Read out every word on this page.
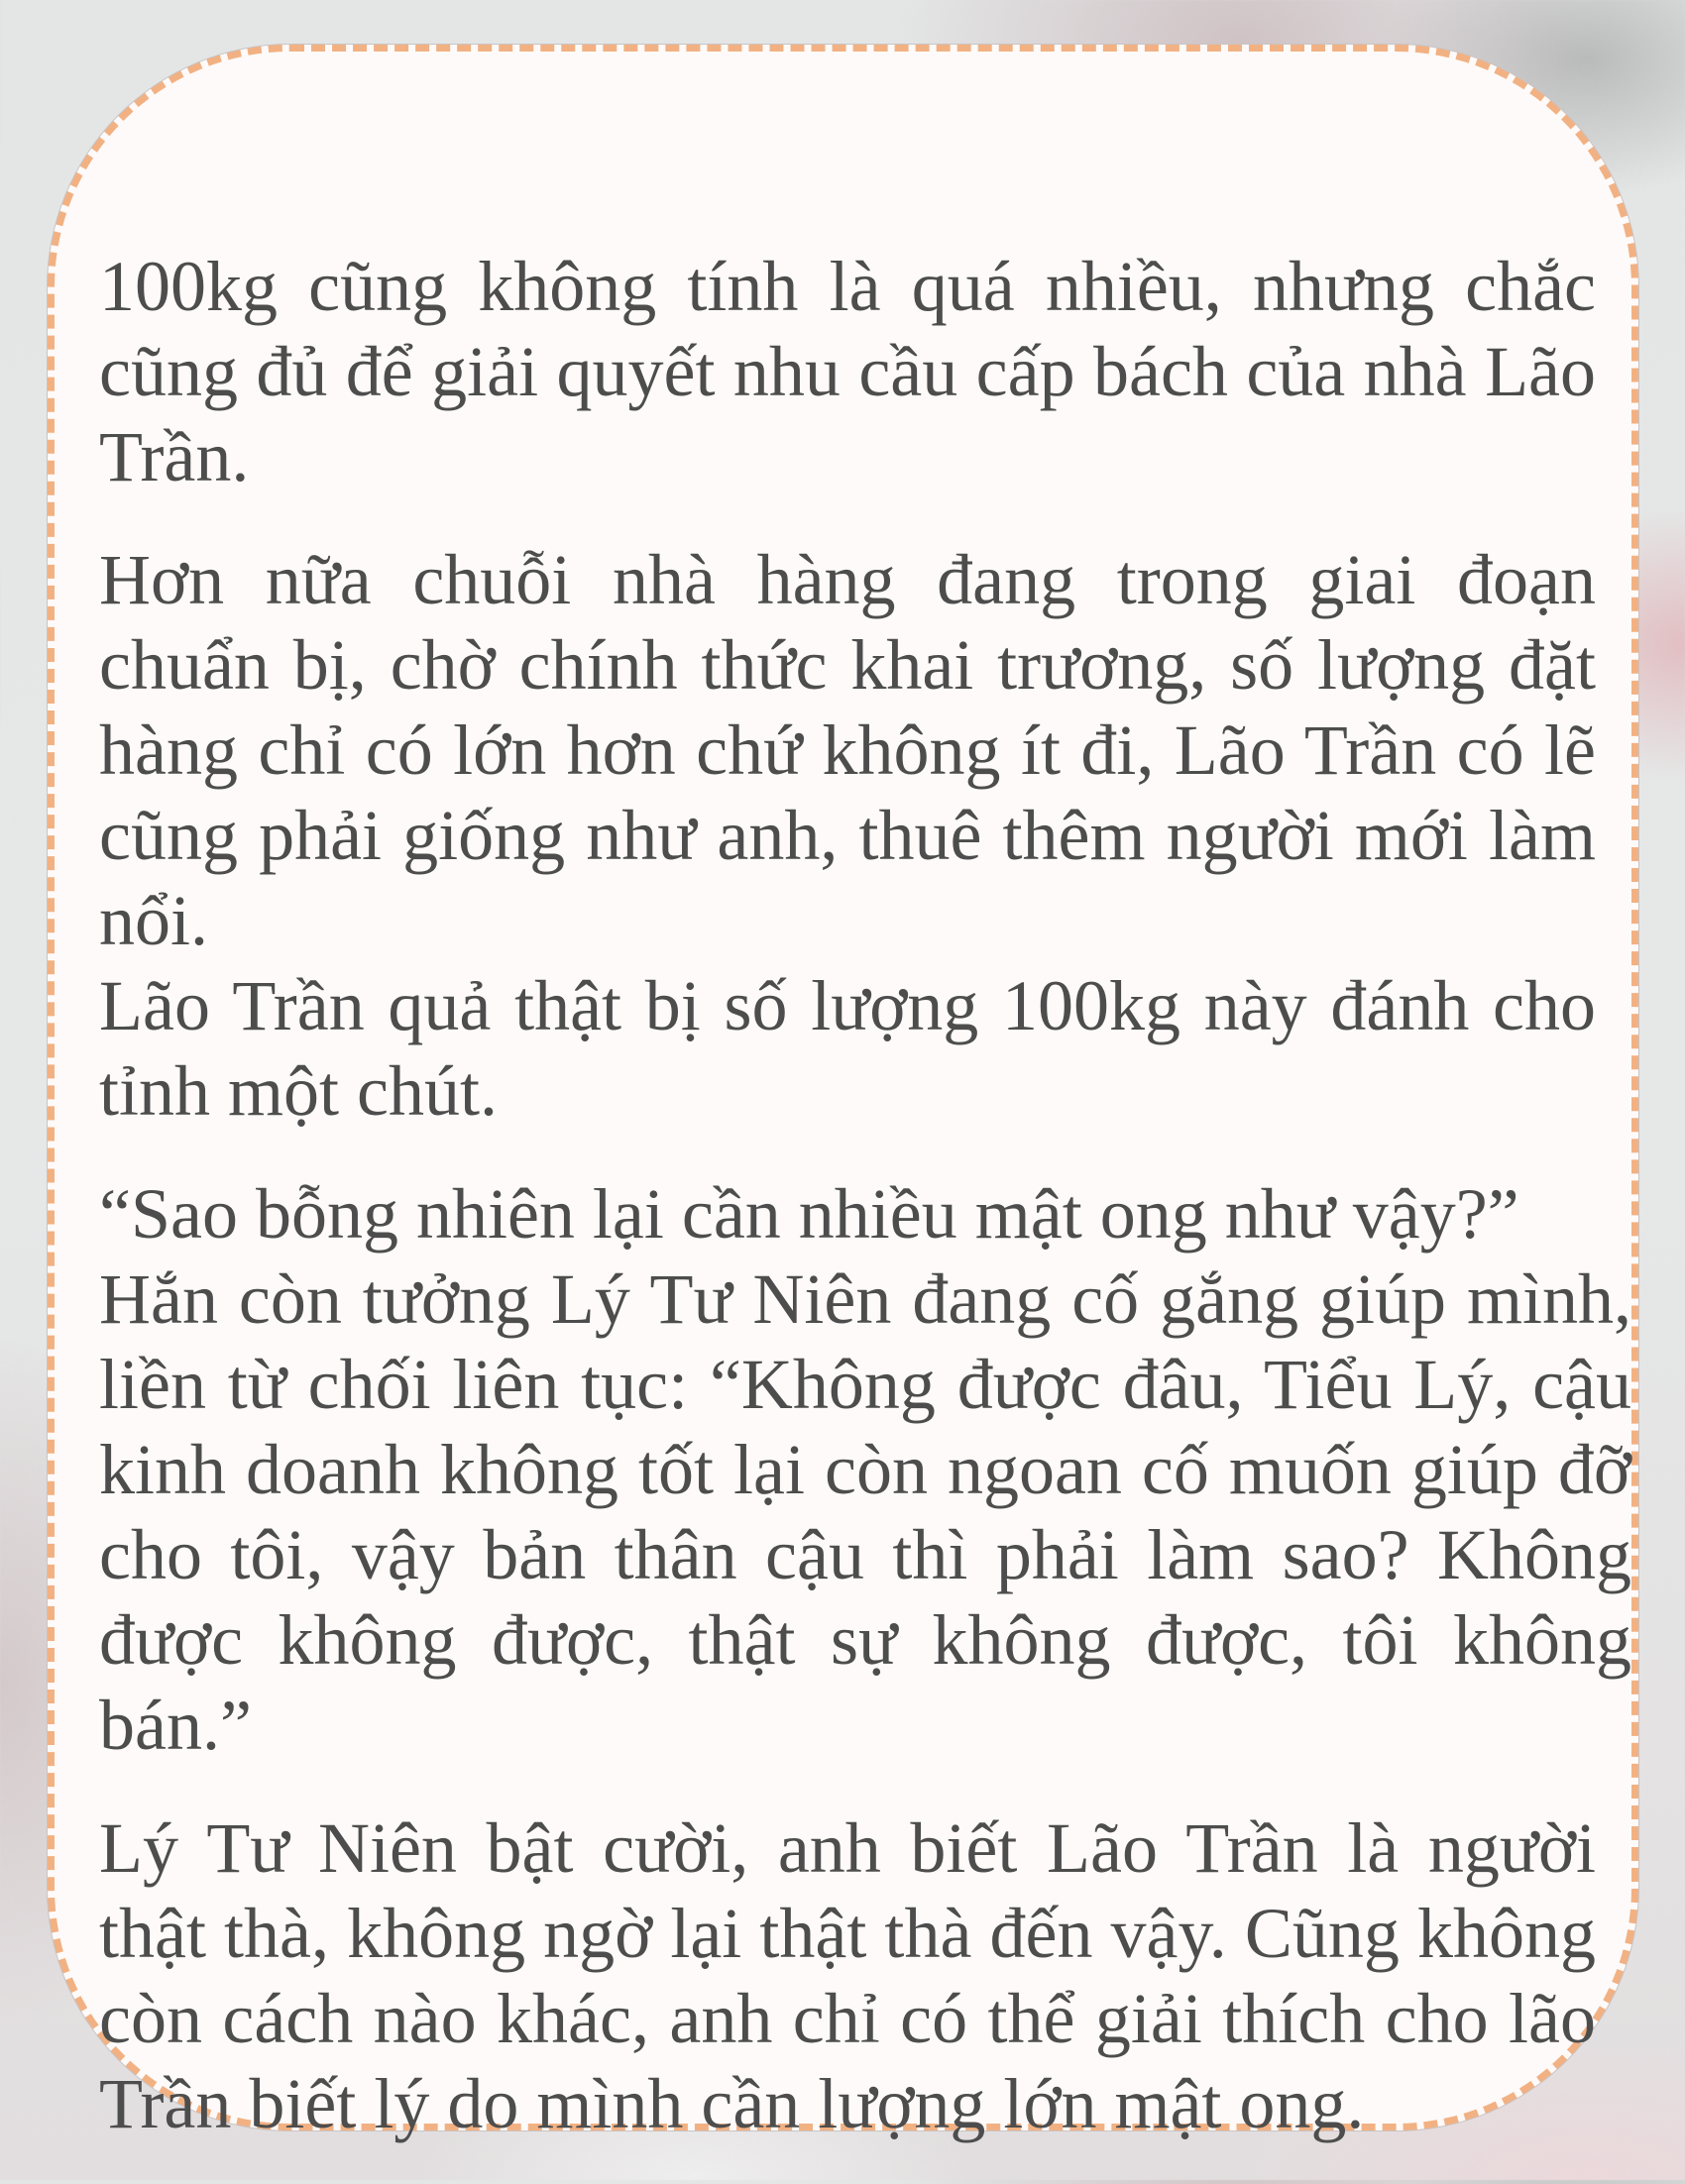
100kg cũng không tính là quá nhiều, nhưng chắc cũng đủ để giải quyết nhu cầu cấp bách của nhà Lão Trần.

Hơn nữa chuỗi nhà hàng đang trong giai đoạn chuẩn bị, chờ chính thức khai trương, số lượng đặt hàng chỉ có lớn hơn chứ không ít đi, Lão Trần có lẽ cũng phải giống như anh, thuê thêm người mới làm nổi.
Lão Trần quả thật bị số lượng 100kg này đánh cho tỉnh một chút.

“Sao bỗng nhiên lại cần nhiều mật ong như vậy?”
Hắn còn tưởng Lý Tư Niên đang cố gắng giúp mình, liền từ chối liên tục: “Không được đâu, Tiểu Lý, cậu kinh doanh không tốt lại còn ngoan cố muốn giúp đỡ cho tôi, vậy bản thân cậu thì phải làm sao? Không được không được, thật sự không được, tôi không bán.”

Lý Tư Niên bật cười, anh biết Lão Trần là người thật thà, không ngờ lại thật thà đến vậy. Cũng không còn cách nào khác, anh chỉ có thể giải thích cho lão Trần biết lý do mình cần lượng lớn mật ong.
